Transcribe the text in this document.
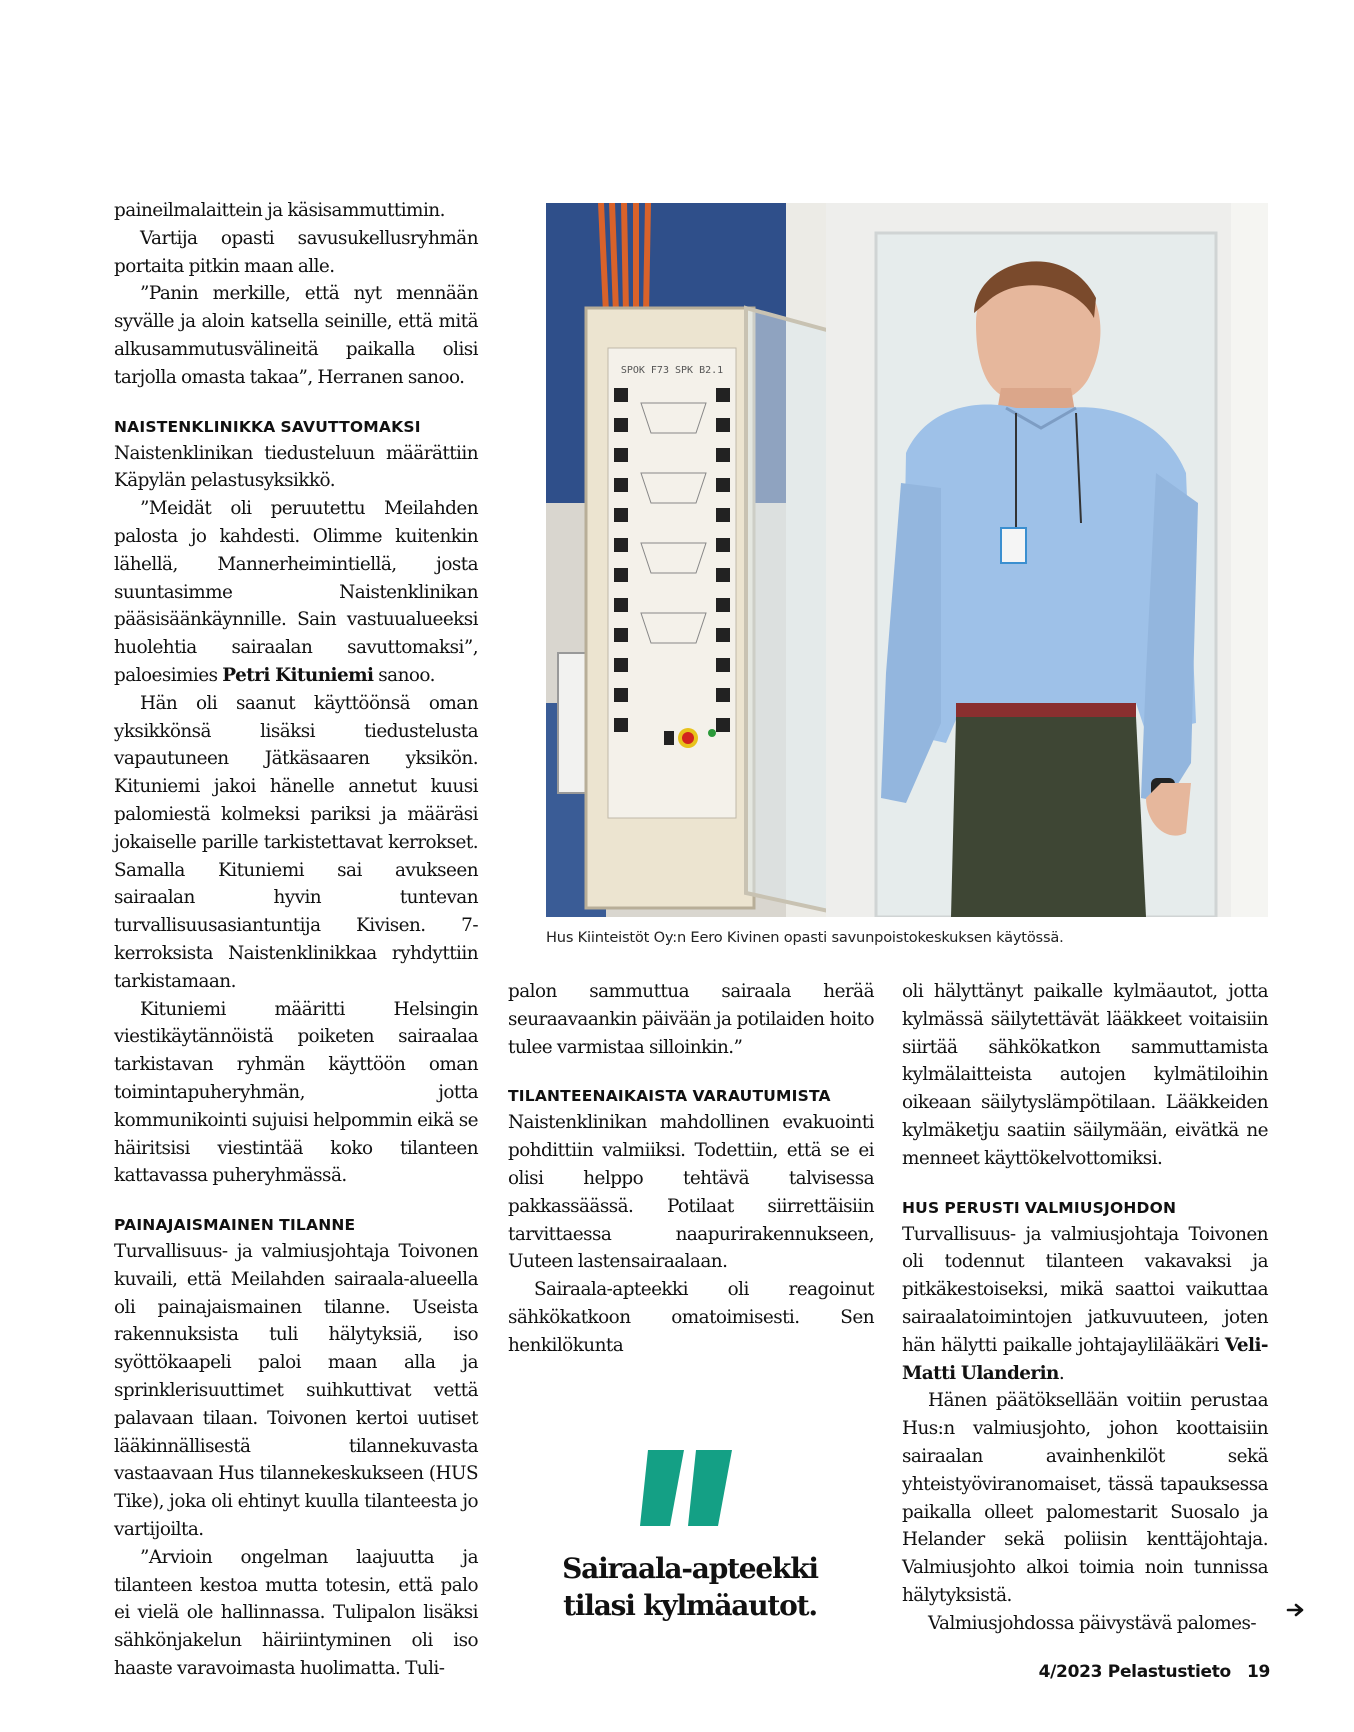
paineilmalaittein ja käsisammuttimin.

Vartija opasti savusukellusryhmän portaita pitkin maan alle.

”Panin merkille, että nyt mennään syvälle ja aloin katsella seinille, että mitä alkusammutusvälineitä paikalla olisi tarjolla omasta takaa”, Herranen sanoo.

NAISTENKLINIKKA SAVUTTOMAKSI

Naistenklinikan tiedusteluun määrättiin Käpylän pelastusyksikkö.

”Meidät oli peruutettu Meilahden palosta jo kahdesti. Olimme kuitenkin lähellä, Mannerheimintiellä, josta suuntasimme Naistenklinikan pääsisäänkäynnille. Sain vastuualueeksi huolehtia sairaalan savuttomaksi”, paloesimies Petri Kituniemi sanoo.

Hän oli saanut käyttöönsä oman yksikkönsä lisäksi tiedustelusta vapautuneen Jätkäsaaren yksikön. Kituniemi jakoi hänelle annetut kuusi palomiestä kolmeksi pariksi ja määräsi jokaiselle parille tarkistettavat kerrokset. Samalla Kituniemi sai avukseen sairaalan hyvin tuntevan turvallisuusasiantuntija Kivisen. 7-kerroksista Naistenklinikkaa ryhdyttiin tarkistamaan.

Kituniemi määritti Helsingin viestikäytännöistä poiketen sairaalaa tarkistavan ryhmän käyttöön oman toimintapuheryhmän, jotta kommunikointi sujuisi helpommin eikä se häiritsisi viestintää koko tilanteen kattavassa puheryhmässä.

PAINAJAISMAINEN TILANNE

Turvallisuus- ja valmiusjohtaja Toivonen kuvaili, että Meilahden sairaala-alueella oli painajaismainen tilanne. Useista rakennuksista tuli hälytyksiä, iso syöttökaapeli paloi maan alla ja sprinklerisuuttimet suihkuttivat vettä palavaan tilaan. Toivonen kertoi uutiset lääkinnällisestä tilannekuvasta vastaavaan Hus tilannekeskukseen (HUS Tike), joka oli ehtinyt kuulla tilanteesta jo vartijoilta.

”Arvioin ongelman laajuutta ja tilanteen kestoa mutta totesin, että palo ei vielä ole hallinnassa. Tulipalon lisäksi sähkönjakelun häiriintyminen oli iso haaste varavoimasta huolimatta. Tuli-

SPOK F73 SPK B2.1
Hus Kiinteistöt Oy:n Eero Kivinen opasti savunpoistokeskuksen käytössä.

palon sammuttua sairaala herää seuraavaankin päivään ja potilaiden hoito tulee varmistaa silloinkin.”

TILANTEENAIKAISTA VARAUTUMISTA

Naistenklinikan mahdollinen evakuointi pohdittiin valmiiksi. Todettiin, että se ei olisi helppo tehtävä talvisessa pakkassäässä. Potilaat siirrettäisiin tarvittaessa naapurirakennukseen, Uuteen lastensairaalaan.

Sairaala-apteekki oli reagoinut sähkökatkoon omatoimisesti. Sen henkilökunta

Sairaala-apteekki
tilasi kylmäautot.

oli hälyttänyt paikalle kylmäautot, jotta kylmässä säilytettävät lääkkeet voitaisiin siirtää sähkökatkon sammuttamista kylmälaitteista autojen kylmätiloihin oikeaan säilytyslämpötilaan. Lääkkeiden kylmäketju saatiin säilymään, eivätkä ne menneet käyttökelvottomiksi.

HUS PERUSTI VALMIUSJOHDON

Turvallisuus- ja valmiusjohtaja Toivonen oli todennut tilanteen vakavaksi ja pitkäkestoiseksi, mikä saattoi vaikuttaa sairaalatoimintojen jatkuvuuteen, joten hän hälytti paikalle johtajaylilääkäri Veli-Matti Ulanderin.

Hänen päätöksellään voitiin perustaa Hus:n valmiusjohto, johon koottaisiin sairaalan avainhenkilöt sekä yhteistyöviranomaiset, tässä tapauksessa paikalla olleet palomestarit Suosalo ja Helander sekä poliisin kenttäjohtaja. Valmiusjohto alkoi toimia noin tunnissa hälytyksistä.

Valmiusjohdossa päivystävä palomes-

4/2023 Pelastustieto 19
